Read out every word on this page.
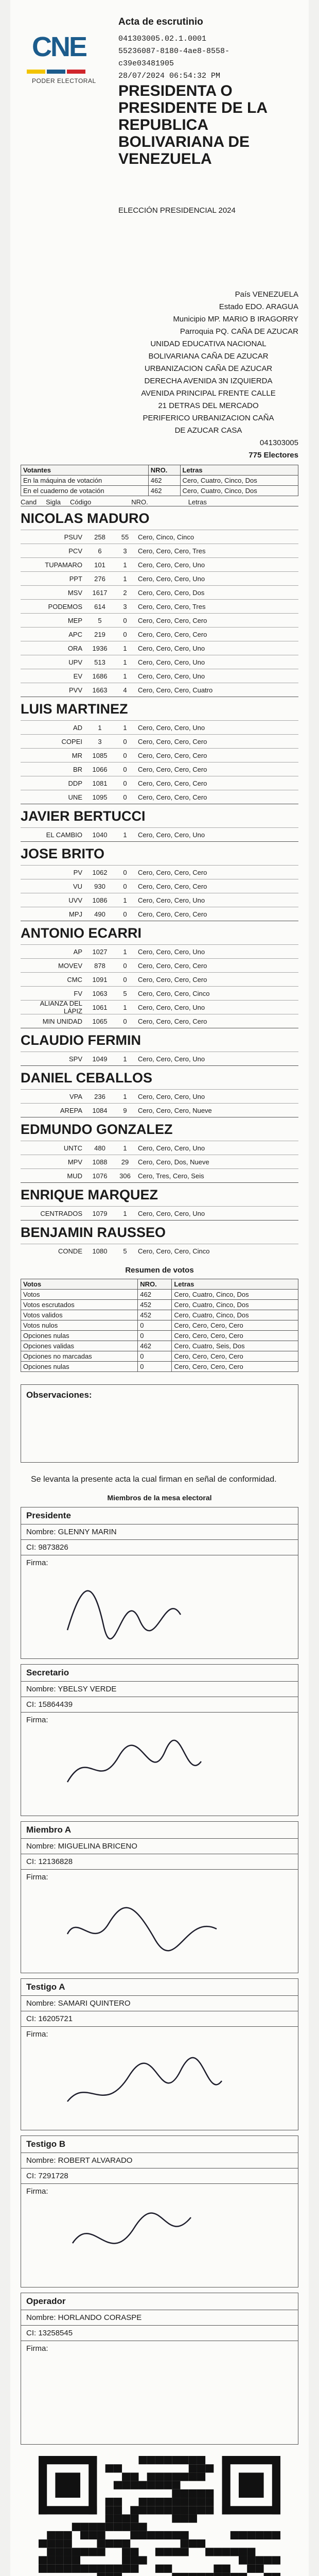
CNE
PODER ELECTORAL
Acta de escrutinio
041303005.02.1.0001
55236087-8180-4ae8-8558-
c39e03481905
28/07/2024 06:54:32 PM
PRESIDENTA O
PRESIDENTE DE LA
REPUBLICA
BOLIVARIANA DE
VENEZUELA
ELECCIÓN PRESIDENCIAL 2024
País VENEZUELA
Estado EDO. ARAGUA
Municipio MP. MARIO B IRAGORRY
Parroquia PQ. CAÑA DE AZUCAR
UNIDAD EDUCATIVA NACIONAL
BOLIVARIANA CAÑA DE AZUCAR
URBANIZACION CAÑA DE AZUCAR
DERECHA AVENIDA 3N IZQUIERDA
AVENIDA PRINCIPAL FRENTE CALLE
21 DETRAS DEL MERCADO
PERIFERICO URBANIZACION CAÑA
DE AZUCAR CASA
041303005
775 Electores
Votantes	NRO.	Letras
En la máquina de votación	462	Cero, Cuatro, Cinco, Dos
En el cuaderno de votación	462	Cero, Cuatro, Cinco, Dos
Cand Sigla Código	NRO.	Letras
NICOLAS MADURO
PSUV	258	55	Cero, Cinco, Cinco
PCV	6	3	Cero, Cero, Cero, Tres
TUPAMARO	101	1	Cero, Cero, Cero, Uno
PPT	276	1	Cero, Cero, Cero, Uno
MSV	1617	2	Cero, Cero, Cero, Dos
PODEMOS	614	3	Cero, Cero, Cero, Tres
MEP	5	0	Cero, Cero, Cero, Cero
APC	219	0	Cero, Cero, Cero, Cero
ORA	1936	1	Cero, Cero, Cero, Uno
UPV	513	1	Cero, Cero, Cero, Uno
EV	1686	1	Cero, Cero, Cero, Uno
PVV	1663	4	Cero, Cero, Cero, Cuatro
LUIS MARTINEZ
AD	1	1	Cero, Cero, Cero, Uno
COPEI	3	0	Cero, Cero, Cero, Cero
MR	1085	0	Cero, Cero, Cero, Cero
BR	1066	0	Cero, Cero, Cero, Cero
DDP	1081	0	Cero, Cero, Cero, Cero
UNE	1095	0	Cero, Cero, Cero, Cero
JAVIER BERTUCCI
EL CAMBIO	1040	1	Cero, Cero, Cero, Uno
JOSE BRITO
PV	1062	0	Cero, Cero, Cero, Cero
VU	930	0	Cero, Cero, Cero, Cero
UVV	1086	1	Cero, Cero, Cero, Uno
MPJ	490	0	Cero, Cero, Cero, Cero
ANTONIO ECARRI
AP	1027	1	Cero, Cero, Cero, Uno
MOVEV	878	0	Cero, Cero, Cero, Cero
CMC	1091	0	Cero, Cero, Cero, Cero
FV	1063	5	Cero, Cero, Cero, Cinco
ALIANZA DEL LÁPIZ	1061	1	Cero, Cero, Cero, Uno
MIN UNIDAD	1065	0	Cero, Cero, Cero, Cero
CLAUDIO FERMIN
SPV	1049	1	Cero, Cero, Cero, Uno
DANIEL CEBALLOS
VPA	236	1	Cero, Cero, Cero, Uno
AREPA	1084	9	Cero, Cero, Cero, Nueve
EDMUNDO GONZALEZ
UNTC	480	1	Cero, Cero, Cero, Uno
MPV	1088	29	Cero, Cero, Dos, Nueve
MUD	1076	306	Cero, Tres, Cero, Seis
ENRIQUE MARQUEZ
CENTRADOS	1079	1	Cero, Cero, Cero, Uno
BENJAMIN RAUSSEO
CONDE	1080	5	Cero, Cero, Cero, Cinco
Resumen de votos
Votos	NRO.	Letras
Votos	462	Cero, Cuatro, Cinco, Dos
Votos escrutados	452	Cero, Cuatro, Cinco, Dos
Votos validos	452	Cero, Cuatro, Cinco, Dos
Votos nulos	0	Cero, Cero, Cero, Cero
Opciones nulas	0	Cero, Cero, Cero, Cero
Opciones validas	462	Cero, Cuatro, Seis, Dos
Opciones no marcadas	0	Cero, Cero, Cero, Cero
Opciones nulas	0	Cero, Cero, Cero, Cero
Observaciones:
Se levanta la presente acta la cual firman en señal de conformidad.
Miembros de la mesa electoral
Presidente
Nombre: GLENNY MARIN
CI: 9873826
Firma:
Secretario
Nombre: YBELSY VERDE
CI: 15864439
Firma:
Miembro A
Nombre: MIGUELINA BRICENO
CI: 12136828
Firma:
Testigo A
Nombre: SAMARI QUINTERO
CI: 16205721
Firma:
Testigo B
Nombre: ROBERT ALVARADO
CI: 7291728
Firma:
Operador
Nombre: HORLANDO CORASPE
CI: 13258545
Firma:
